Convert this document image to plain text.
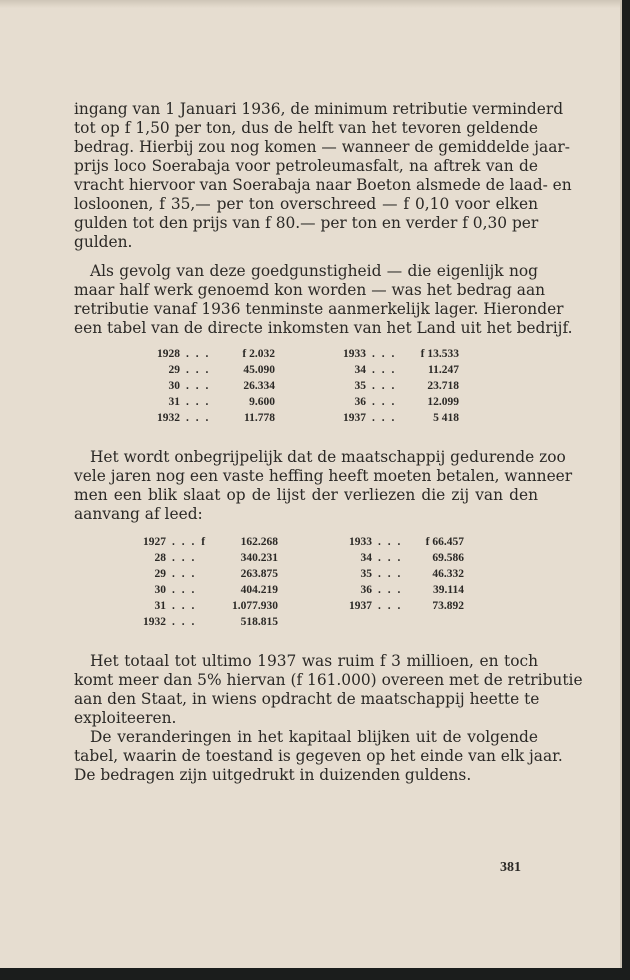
ingang van 1 Januari 1936, de minimum retributie verminderd
tot op f 1,50 per ton, dus de helft van het tevoren geldende
bedrag. Hierbij zou nog komen — wanneer de gemiddelde jaar-
prijs loco Soerabaja voor petroleumasfalt, na aftrek van de
vracht hiervoor van Soerabaja naar Boeton alsmede de laad- en
losloonen, f 35,— per ton overschreed — f 0,10 voor elken
gulden tot den prijs van f 80.— per ton en verder f 0,30 per
gulden.
Als gevolg van deze goedgunstigheid — die eigenlijk nog
maar half werk genoemd kon worden — was het bedrag aan
retributie vanaf 1936 tenminste aanmerkelijk lager. Hieronder
een tabel van de directe inkomsten van het Land uit het bedrijf.
1928 . . .	f 2.032
29 . . .	45.090
30 . . .	26.334
31 . . .	9.600
1932 . . .	11.778
1933 . . . f 13.533
34 . . .	11.247
35 . . .	23.718
36 . . .	12.099
1937 . . .	5 418
Het wordt onbegrijpelijk dat de maatschappij gedurende zoo
vele jaren nog een vaste heffing heeft moeten betalen, wanneer
men een blik slaat op de lijst der verliezen die zij van den
aanvang af leed:
1927 . . . f	162.268
28 . . .	340.231
29 . . .	263.875
30 . . .	404.219
31 . . .	1.077.930
1932 . . .	518.815
1933 . . . f 66.457
34 . . .	69.586
35 . . .	46.332
36 . . .	39.114
1937 . . .	73.892
Het totaal tot ultimo 1937 was ruim f 3 millioen, en toch
komt meer dan 5% hiervan (f 161.000) overeen met de retributie
aan den Staat, in wiens opdracht de maatschappij heette te
exploiteeren.
De veranderingen in het kapitaal blijken uit de volgende
tabel, waarin de toestand is gegeven op het einde van elk jaar.
De bedragen zijn uitgedrukt in duizenden guldens.
381
